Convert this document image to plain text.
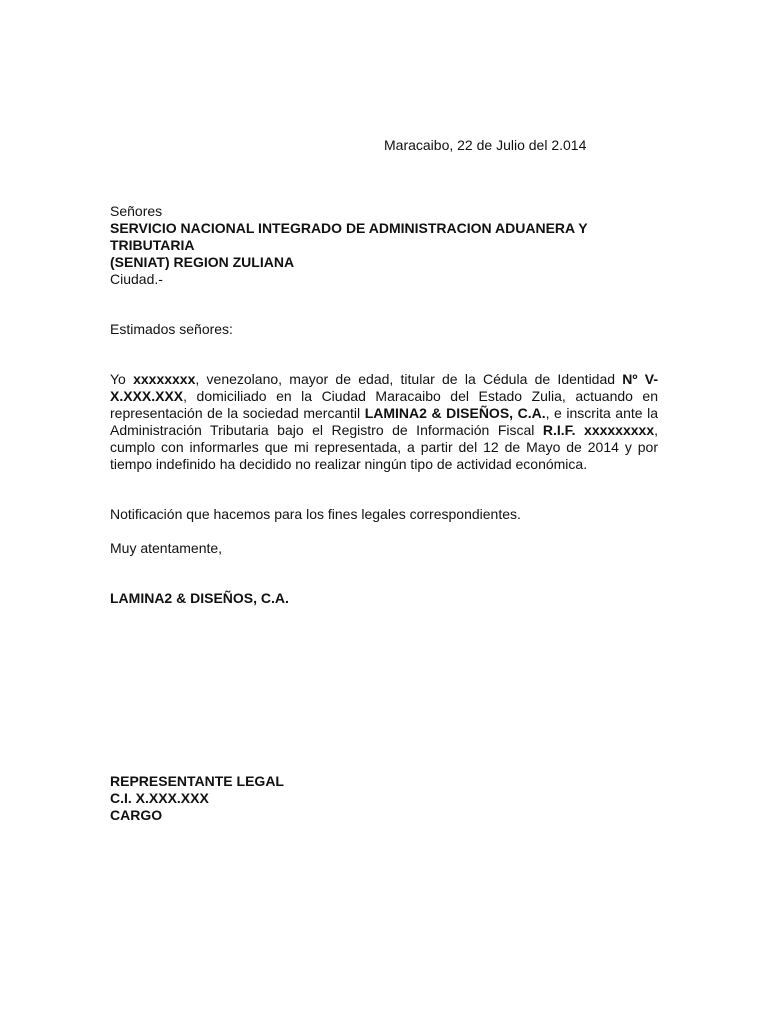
Maracaibo, 22 de Julio del 2.014
Señores
SERVICIO NACIONAL INTEGRADO DE ADMINISTRACION ADUANERA Y TRIBUTARIA
(SENIAT) REGION ZULIANA
Ciudad.-
Estimados señores:
Yo xxxxxxxx, venezolano, mayor de edad, titular de la Cédula de Identidad Nº V-X.XXX.XXX, domiciliado en la Ciudad Maracaibo del Estado Zulia, actuando en representación de la sociedad mercantil LAMINA2 & DISEÑOS, C.A., e inscrita ante la Administración Tributaria bajo el Registro de Información Fiscal R.I.F. xxxxxxxxx, cumplo con informarles que mi representada, a partir del 12 de Mayo de 2014 y por tiempo indefinido ha decidido no realizar ningún tipo de actividad económica.
Notificación que hacemos para los fines legales correspondientes.
Muy atentamente,
LAMINA2 & DISEÑOS, C.A.
REPRESENTANTE LEGAL
C.I. X.XXX.XXX
CARGO
